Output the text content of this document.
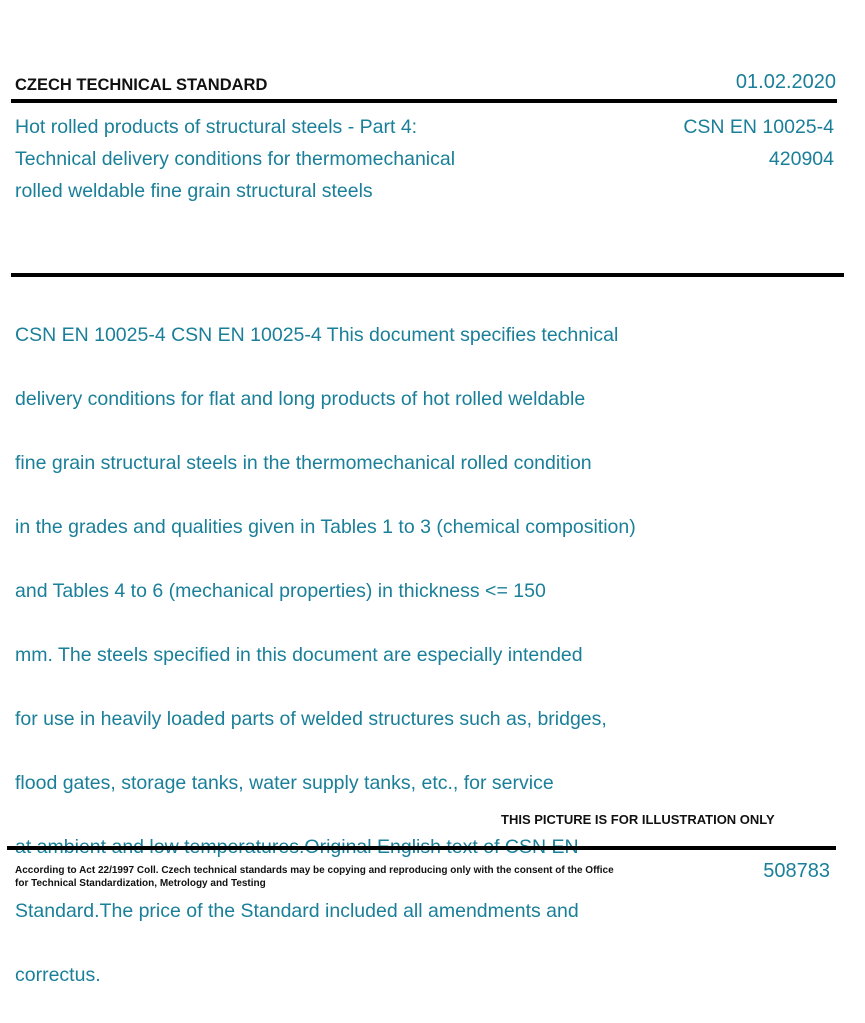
CZECH TECHNICAL STANDARD	01.02.2020
Hot rolled products of structural steels - Part 4:
Technical delivery conditions for thermomechanical
rolled weldable fine grain structural steels
CSN EN 10025-4
420904

CSN EN 10025-4 CSN EN 10025-4 This document specifies technical

delivery conditions for flat and long products of hot rolled weldable

fine grain structural steels in the thermomechanical rolled condition

in the grades and qualities given in Tables 1 to 3 (chemical composition)

and Tables 4 to 6 (mechanical properties) in thickness <= 150

mm. The steels specified in this document are especially intended

for use in heavily loaded parts of welded structures such as, bridges,

flood gates, storage tanks, water supply tanks, etc., for service

Standard.The price of the Standard included all amendments and

correctus.

THIS PICTURE IS FOR ILLUSTRATION ONLY
According to Act 22/1997 Coll. Czech technical standards may be copying and reproducing only with the consent of the Office
for Technical Standardization, Metrology and Testing
508783
